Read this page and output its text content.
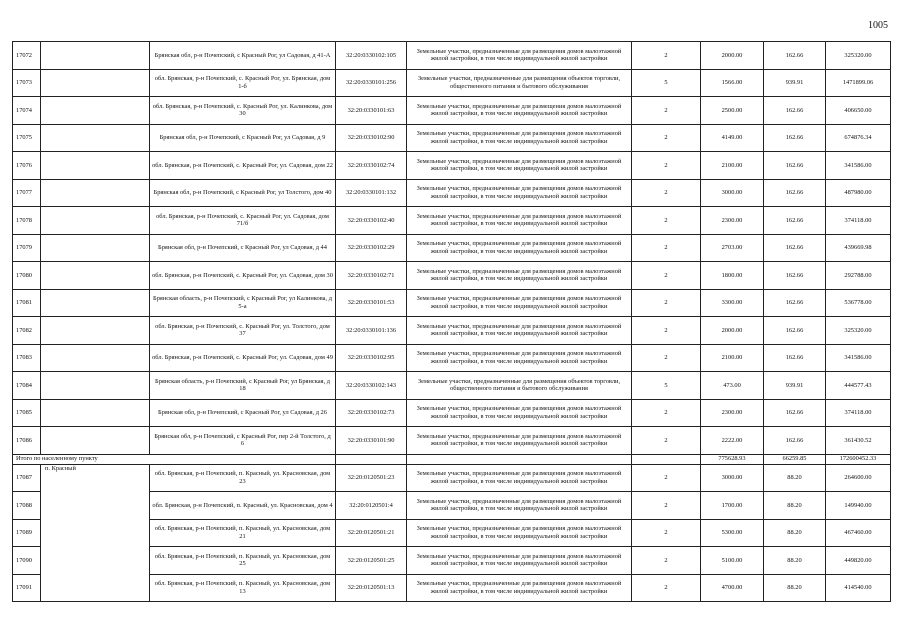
1005
17072		Брянская обл, р-н Почепский, с Красный Рог, ул Садовая, д 41-А	32:20:0330102:105	Земельные участки, предназначенные для размещения домов малоэтажной жилой застройки, в том числе индивидуальной жилой застройки	2	2000.00	162.66	325320.00
17073		обл. Брянская, р-н Почепский, с. Красный Рог, ул. Брянская, дом 1-б	32:20:0330101:256	Земельные участки, предназначенные для размещения объектов торговли, общественного питания и бытового обслуживания	5	1566.00	939.91	1471899.06
17074		обл. Брянская, р-н Почепский, с. Красный Рог, ул. Калинкова, дом 30	32:20:0330101:63	Земельные участки, предназначенные для размещения домов малоэтажной жилой застройки, в том числе индивидуальной жилой застройки	2	2500.00	162.66	406650.00
17075		Брянская обл, р-н Почепский, с Красный Рог, ул Садовая, д 9	32:20:0330102:90	Земельные участки, предназначенные для размещения домов малоэтажной жилой застройки, в том числе индивидуальной жилой застройки	2	4149.00	162.66	674876.34
17076		обл. Брянская, р-н Почепский, с. Красный Рог, ул. Садовая, дом 22	32:20:0330102:74	Земельные участки, предназначенные для размещения домов малоэтажной жилой застройки, в том числе индивидуальной жилой застройки	2	2100.00	162.66	341586.00
17077		Брянская обл, р-н Почепский, с Красный Рог, ул Толстого, дом 40	32:20:0330101:132	Земельные участки, предназначенные для размещения домов малоэтажной жилой застройки, в том числе индивидуальной жилой застройки	2	3000.00	162.66	487980.00
17078		обл. Брянская, р-н Почепский, с. Красный Рог, ул. Садовая, дом 71/б	32:20:0330102:40	Земельные участки, предназначенные для размещения домов малоэтажной жилой застройки, в том числе индивидуальной жилой застройки	2	2300.00	162.66	374118.00
17079		Брянская обл, р-н Почепский, с Красный Рог, ул Садовая, д 44	32:20:0330102:29	Земельные участки, предназначенные для размещения домов малоэтажной жилой застройки, в том числе индивидуальной жилой застройки	2	2703.00	162.66	439669.98
17080		обл. Брянская, р-н Почепский, с. Красный Рог, ул. Садовая, дом 30	32:20:0330102:71	Земельные участки, предназначенные для размещения домов малоэтажной жилой застройки, в том числе индивидуальной жилой застройки	2	1800.00	162.66	292788.00
17081		Брянская область, р-н Почепский, с Красный Рог, ул Калинкова, д 5-а	32:20:0330101:53	Земельные участки, предназначенные для размещения домов малоэтажной жилой застройки, в том числе индивидуальной жилой застройки	2	3300.00	162.66	536778.00
17082		обл. Брянская, р-н Почепский, с. Красный Рог, ул. Толстого, дом 37	32:20:0330101:136	Земельные участки, предназначенные для размещения домов малоэтажной жилой застройки, в том числе индивидуальной жилой застройки	2	2000.00	162.66	325320.00
17083		обл. Брянская, р-н Почепский, с. Красный Рог, ул. Садовая, дом 49	32:20:0330102:95	Земельные участки, предназначенные для размещения домов малоэтажной жилой застройки, в том числе индивидуальной жилой застройки	2	2100.00	162.66	341586.00
17084		Брянская область, р-н Почепский, с Красный Рог, ул Брянская, д 18	32:20:0330102:143	Земельные участки, предназначенные для размещения объектов торговли, общественного питания и бытового обслуживания	5	473.00	939.91	444577.43
17085		Брянская обл, р-н Почепский, с Красный Рог, ул Садовая, д 26	32:20:0330102:73	Земельные участки, предназначенные для размещения домов малоэтажной жилой застройки, в том числе индивидуальной жилой застройки	2	2300.00	162.66	374118.00
17086		Брянская обл, р-н Почепский, с Красный Рог, пер 2-й Толстого, д 6	32:20:0330101:90	Земельные участки, предназначенные для размещения домов малоэтажной жилой застройки, в том числе индивидуальной жилой застройки	2	2222.00	162.66	361430.52
Итого по населенному пункту						775628.93	66259.85	172600452.33
17087	п. Красный	обл. Брянская, р-н Почепский, п. Красный, ул. Красновская, дом 23	32:20:0120501:23	Земельные участки, предназначенные для размещения домов малоэтажной жилой застройки, в том числе индивидуальной жилой застройки	2	3000.00	88.20	264600.00
17088		обл. Брянская, р-н Почепский, п. Красный, ул. Красновская, дом 4	32:20:0120501:4	Земельные участки, предназначенные для размещения домов малоэтажной жилой застройки, в том числе индивидуальной жилой застройки	2	1700.00	88.20	149940.00
17089		обл. Брянская, р-н Почепский, п. Красный, ул. Красновская, дом 21	32:20:0120501:21	Земельные участки, предназначенные для размещения домов малоэтажной жилой застройки, в том числе индивидуальной жилой застройки	2	5300.00	88.20	467460.00
17090		обл. Брянская, р-н Почепский, п. Красный, ул. Красновская, дом 25	32:20:0120501:25	Земельные участки, предназначенные для размещения домов малоэтажной жилой застройки, в том числе индивидуальной жилой застройки	2	5100.00	88.20	449820.00
17091		обл. Брянская, р-н Почепский, п. Красный, ул. Красновская, дом 13	32:20:0120501:13	Земельные участки, предназначенные для размещения домов малоэтажной жилой застройки, в том числе индивидуальной жилой застройки	2	4700.00	88.20	414540.00
